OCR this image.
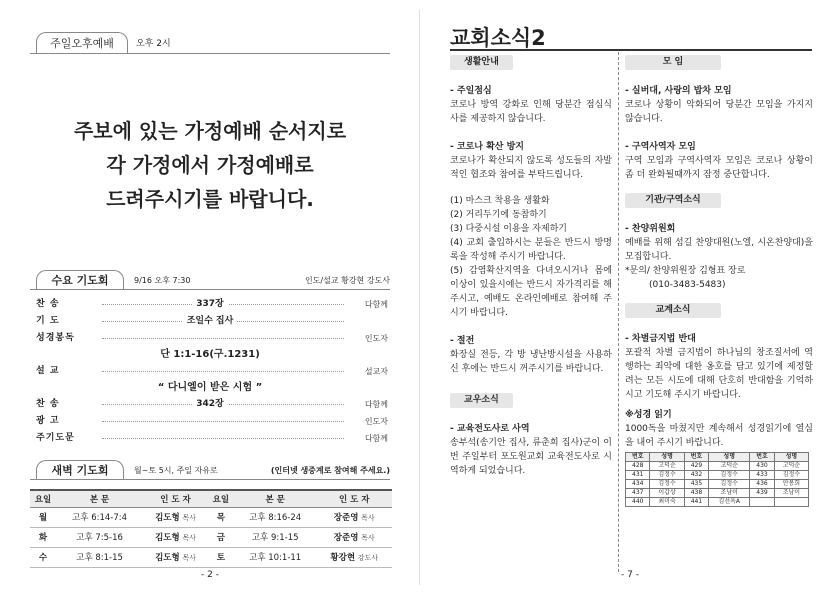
주일오후예배	오후 2시
주보에 있는 가정예배 순서지로
각 가정에서 가정예배로
드려주시기를 바랍니다.
수요 기도회	9/16 오후 7:30	인도/설교 황강현 강도사
찬 송	337장	다함께
기 도	조일수 집사
성경봉독	인도자
단 1:1-16(구.1231)
설 교	설교자
“ 다니엘이 받은 시험 ”
찬 송	342장	다함께
광 고	인도자
주기도문	다함께
새벽 기도회	월~토 5시, 주일 자유로	(인터넷 생중계로 참여해 주세요.)
요일	본 문	인 도 자	요일	본 문	인 도 자
월	고후 6:14-7:4	김도형 목사	목	고후 8:16-24	장준영 목사
화	고후 7:5-16	김도형 목사	금	고후 9:1-15	장준영 목사
수	고후 8:1-15	김도형 목사	토	고후 10:1-11	황강현 강도사
- 2 -
교회소식2
생활안내
- 주일점심
코로나 방역 강화로 인해 당분간 점심식사를 제공하지 않습니다.
- 코로나 확산 방지
코로나가 확산되지 않도록 성도들의 자발적인 협조와 참여를 부탁드립니다.
(1) 마스크 착용을 생활화
(2) 거리두기에 동참하기
(3) 다중시설 이용을 자제하기
(4) 교회 출입하시는 분들은 반드시 방명록을 작성해 주시기 바랍니다.
(5) 감염확산지역을 다녀오시거나 몸에 이상이 있을시에는 반드시 자가격리를 해주시고, 예배도 온라인예배로 참여해 주시기 바랍니다.
- 절전
화장실 전등, 각 방 냉난방시설을 사용하신 후에는 반드시 꺼주시기를 바랍니다.
교우소식
- 교육전도사로 사역
송부석(송기안 집사, 류춘희 집사)군이 이번 주일부터 포도원교회 교육전도사로 시역하게 되었습니다.
모 임
- 실버대, 사랑의 밥차 모임
코로나 상황이 악화되어 당분간 모임을 가지지 않습니다.
- 구역사역자 모임
구역 모임과 구역사역자 모임은 코로나 상황이 좀 더 완화될때까지 잠정 중단합니다.
기관/구역소식
- 찬양위원회
예배를 위해 섬길 찬양대원(노엘, 시온찬양대)을 모집합니다.
*문의/ 찬양위원장 김형표 장로
(010-3483-5483)
교계소식
- 차별금지법 반대
포괄적 차별 금지법이 하나님의 창조질서에 역행하는 죄악에 대한 옹호를 담고 있기에 제정할려는 모든 시도에 대해 단호히 반대함을 기억하시고 기도해 주시기 바랍니다.
※성경 읽기
1000독을 마쳤지만 계속해서 성경읽기에 열심을 내어 주시기 바랍니다.
번호	성명	번호	성명	번호	성명
428	고덕순	429	고덕순	430	고덕순
431	김정수	432	김정수	433	김정수
434	김정수	435	김정수	436	안봉희
437	이갑상	438	조남이	439	조남이
440	최미숙	441	김선옥A		
- 7 -
